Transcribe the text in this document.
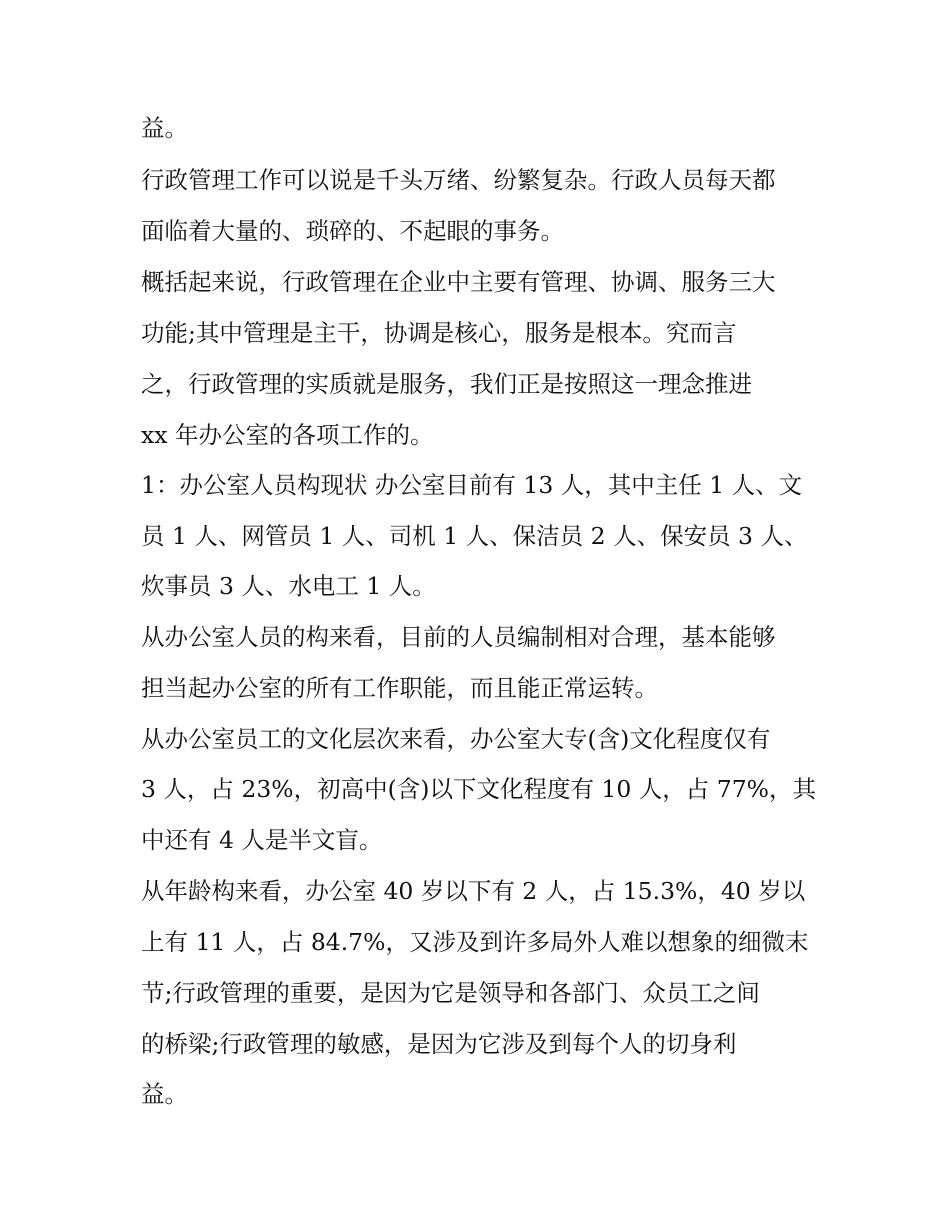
益。
行政管理工作可以说是千头万绪、纷繁复杂。行政人员每天都
面临着大量的、琐碎的、不起眼的事务。
概括起来说，行政管理在企业中主要有管理、协调、服务三大
功能;其中管理是主干，协调是核心，服务是根本。究而言
之，行政管理的实质就是服务，我们正是按照这一理念推进
xx 年办公室的各项工作的。
1：办公室人员构现状 办公室目前有 13 人，其中主任 1 人、文
员 1 人、网管员 1 人、司机 1 人、保洁员 2 人、保安员 3 人、
炊事员 3 人、水电工 1 人。
从办公室人员的构来看，目前的人员编制相对合理，基本能够
担当起办公室的所有工作职能，而且能正常运转。
从办公室员工的文化层次来看，办公室大专(含)文化程度仅有
3 人，占 23%，初高中(含)以下文化程度有 10 人，占 77%，其
中还有 4 人是半文盲。
从年龄构来看，办公室 40 岁以下有 2 人，占 15.3%，40 岁以
上有 11 人，占 84.7%，又涉及到许多局外人难以想象的细微末
节;行政管理的重要，是因为它是领导和各部门、众员工之间
的桥梁;行政管理的敏感，是因为它涉及到每个人的切身利
益。
